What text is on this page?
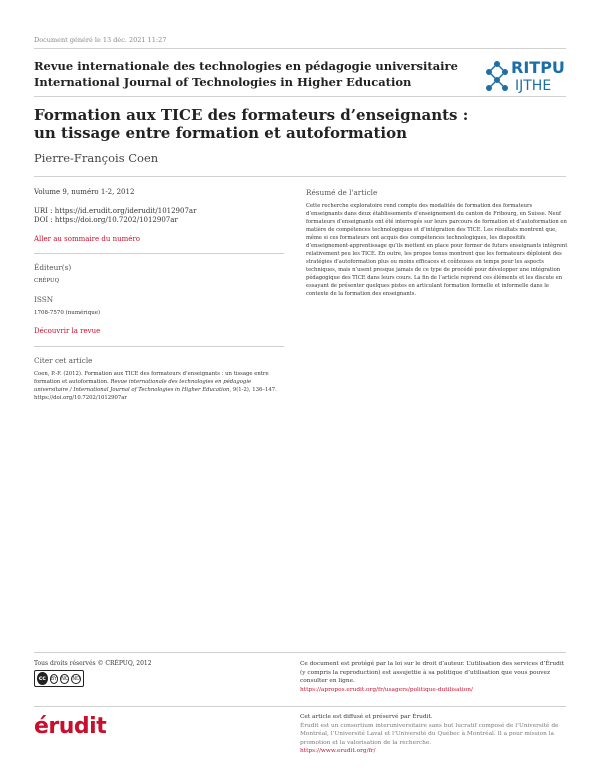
Document généré le 13 déc. 2021 11:27
Revue internationale des technologies en pédagogie universitaire
International Journal of Technologies in Higher Education
RITPU
IJTHE
Formation aux TICE des formateurs d’enseignants : un tissage entre formation et autoformation
Pierre-François Coen
Volume 9, numéro 1-2, 2012
URI : https://id.erudit.org/iderudit/1012907ar
DOI : https://doi.org/10.7202/1012907ar
Aller au sommaire du numéro
Éditeur(s)
CRÉPUQ
ISSN
1708-7570 (numérique)
Découvrir la revue
Citer cet article
Coen, P.-F. (2012). Formation aux TICE des formateurs d’enseignants : un tissage entre formation et autoformation. Revue internationale des technologies en pédagogie universitaire / International Journal of Technologies in Higher Education, 9(1-2), 136–147. https://doi.org/10.7202/1012907ar
Résumé de l'article
Cette recherche exploratoire rend compte des modalités de formation des formateurs d’enseignants dans deux établissements d’enseignement du canton de Fribourg, en Suisse. Neuf formateurs d’enseignants ont été interrogés sur leurs parcours de formation et d’autoformation en matière de compétences technologiques et d’intégration des TICE. Les résultats montrent que, même si ces formateurs ont acquis des compétences technologiques, les dispositifs d’enseignement-apprentissage qu’ils mettent en place pour former de futurs enseignants intègrent relativement peu les TICE. En outre, les propos tenus montrent que les formateurs déploient des stratégies d’autoformation plus ou moins efficaces et coûteuses en temps pour les aspects techniques, mais n’usent presque jamais de ce type de procédé pour développer une intégration pédagogique des TICE dans leurs cours. La fin de l’article reprend ces éléments et les discute en essayant de présenter quelques pistes en articulant formation formelle et informelle dans le contexte de la formation des enseignants.
Tous droits réservés © CRÉPUQ, 2012
cc BY NC ND
Ce document est protégé par la loi sur le droit d’auteur. L’utilisation des services d’Érudit (y compris la reproduction) est assujettie à sa politique d’utilisation que vous pouvez consulter en ligne.
https://apropos.erudit.org/fr/usagers/politique-dutilisation/
érudit	Cet article est diffusé et préservé par Érudit.
Érudit est un consortium interuniversitaire sans but lucratif composé de l’Université de Montréal, l’Université Laval et l’Université du Québec à Montréal. Il a pour mission la promotion et la valorisation de la recherche.
https://www.erudit.org/fr/
